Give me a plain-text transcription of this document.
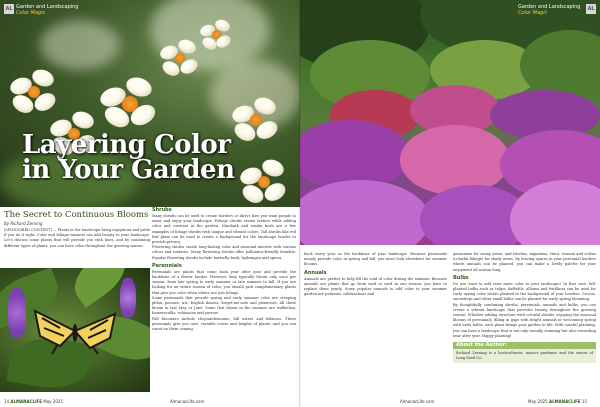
Garden and Landscaping
Color Magic
AL
Layering Color
in Your Garden
The Secret to Continuous Blooms
By Richard Zerning

(SPONSORED CONTENT) — Plants in the landscape bring enjoyment and pride if you do it right. Color and foliage variants can add beauty to your landscape. Let's discuss some plants that will provide you with hues, and by combining different types of plants, you can have color throughout the growing season.

Shrubs

Many shrubs can be used to create borders or direct how you want people to enter and enjoy your landscape. Foliage shrubs create texture while adding color and contrast in the garden. Ninebark and smoke bush are a few examples of foliage shrubs with unique and vibrant colors. Tall shrubs like red leaf plum can be used to create a background for the landscape border to provide privacy.

Flowering shrubs create long-lasting color and seasonal interest with various colors and textures. Many flowering shrubs offer pollinator-friendly benefits. Popular flowering shrubs include butterfly bush, hydrangea and spirea.

Perennials

Perennials are plants that come back year after year and provide the backbone of a flower border. However, they typically bloom only once per season, from late spring to early summer or late summer to fall. If you are looking for an entire season of color, you should pick complementary plants that give you color when others are just foliage.

Some perennials that provide spring and early summer color are creeping phlox, peonies, iris, English daisies, forget-me-nots and primroses. All these bloom in late May or June. Some that bloom in the summer are rudbeckia, hemerocallis, echinacea and yarrow.

Fall bloomers include chrysanthemums, fall asters and hibiscus. These perennials give you rare, variable colors and heights of plants, and you can count on them coming

14 ALMANACLIFE May 2025	AlmanacLife.com
Garden and Landscaping
Color Magic
AL

back every year as the backbone of your landscape. Because perennials mainly provide color in spring and fall, you must look elsewhere for summer blooms.

Annuals

Annuals are perfect to help fill the void of color during the summer. Because annuals are plants that go from seed to seed in one season, you have to replant them yearly. Some popular annuals to add color to your summer garden are petunias, calibrachoas and

geraniums for sunny areas; and lobelias, impatiens, vinca, torenia and coleus (colorful foliage) for shady areas. By leaving spaces in your perennial borders where annuals can be planted, you can make a lovely palette for your enjoyment all season long.

Bulbs

Do you want to add even more color to your landscape? In that case, fall-planted bulbs such as tulips, daffodils, alliums and fritillaria can be used for early spring color where planted in the background of your borders. Crocus, snowdrops and other small bulbs can be planted for early spring blooming.

By thoughtfully combining shrubs, perennials, annuals and bulbs, you can create a vibrant landscape that provides beauty throughout the growing season. Whether adding structure with colorful shrubs, enjoying the seasonal blooms of perennials, filling in gaps with bright annuals or welcoming spring with early bulbs, each plant brings your garden to life. With careful planning, you can have a landscape that is not only visually stunning but also rewarding year after year. Happy planting!

About the Author:

Richard Zerning is a horticulturist, master gardener and the owner of Long Seed Co.

AlmanacLife.com	May 2025 ALMANACLIFE 15
